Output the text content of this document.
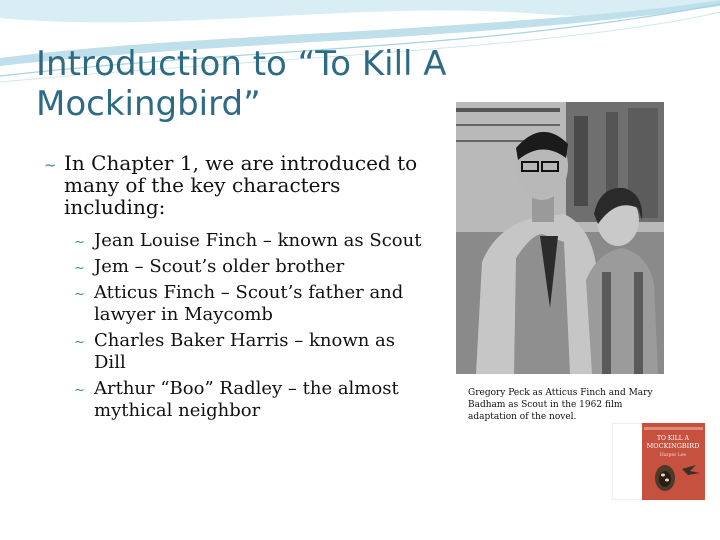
Introduction to “To Kill A Mockingbird”
~ In Chapter 1, we are introduced to many of the key characters including:
~ Jean Louise Finch – known as Scout
~ Jem – Scout’s older brother
~ Atticus Finch – Scout’s father and lawyer in Maycomb
~ Charles Baker Harris – known as Dill
~ Arthur “Boo” Radley – the almost mythical neighbor
Gregory Peck as Atticus Finch and Mary Badham as Scout in the 1962 film adaptation of the novel.
TO KILL A
MOCKINGBIRD
Harper Lee
